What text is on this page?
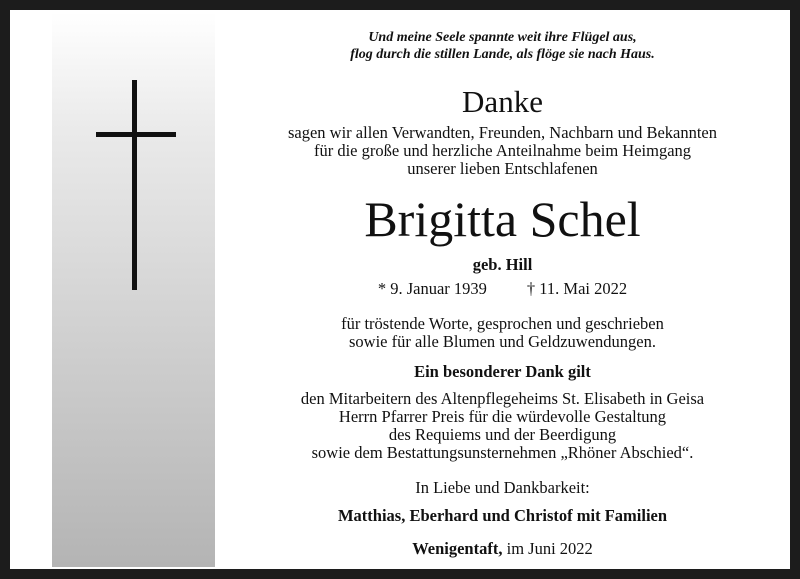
Und meine Seele spannte weit ihre Flügel aus,
flog durch die stillen Lande, als flöge sie nach Haus.
Danke
sagen wir allen Verwandten, Freunden, Nachbarn und Bekannten
für die große und herzliche Anteilnahme beim Heimgang
unserer lieben Entschlafenen
Brigitta Schel
geb. Hill
* 9. Januar 1939 † 11. Mai 2022
für tröstende Worte, gesprochen und geschrieben
sowie für alle Blumen und Geldzuwendungen.
Ein besonderer Dank gilt
den Mitarbeitern des Altenpflegeheims St. Elisabeth in Geisa
Herrn Pfarrer Preis für die würdevolle Gestaltung
des Requiems und der Beerdigung
sowie dem Bestattungsunsternehmen „Rhöner Abschied“.
In Liebe und Dankbarkeit:
Matthias, Eberhard und Christof mit Familien
Wenigentaft, im Juni 2022
